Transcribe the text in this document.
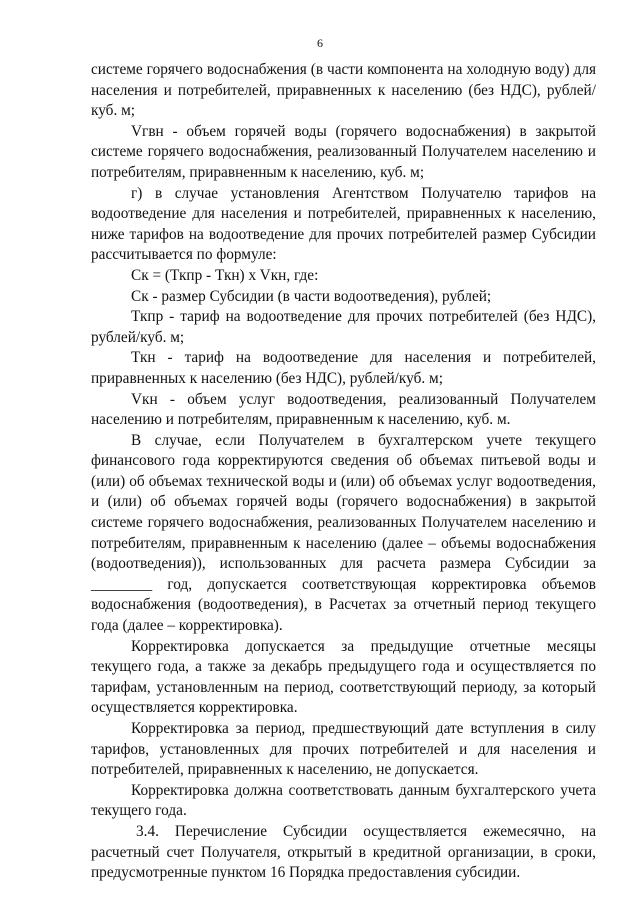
6

системе горячего водоснабжения (в части компонента на холодную воду) для населения и потребителей, приравненных к населению (без НДС), рублей/куб. м;

Vгвн - объем горячей воды (горячего водоснабжения) в закрытой системе горячего водоснабжения, реализованный Получателем населению и потребителям, приравненным к населению, куб. м;

г) в случае установления Агентством Получателю тарифов на водоотведение для населения и потребителей, приравненных к населению, ниже тарифов на водоотведение для прочих потребителей размер Субсидии рассчитывается по формуле:

Ск = (Ткпр - Ткн) x Vкн, где:

Ск - размер Субсидии (в части водоотведения), рублей;

Ткпр - тариф на водоотведение для прочих потребителей (без НДС), рублей/куб. м;

Ткн - тариф на водоотведение для населения и потребителей, приравненных к населению (без НДС), рублей/куб. м;

Vкн - объем услуг водоотведения, реализованный Получателем населению и потребителям, приравненным к населению, куб. м.

В случае, если Получателем в бухгалтерском учете текущего финансового года корректируются сведения об объемах питьевой воды и (или) об объемах технической воды и (или) об объемах услуг водоотведения, и (или) об объемах горячей воды (горячего водоснабжения) в закрытой системе горячего водоснабжения, реализованных Получателем населению и потребителям, приравненным к населению (далее – объемы водоснабжения (водоотведения)), использованных для расчета размера Субсидии за ________ год, допускается соответствующая корректировка объемов водоснабжения (водоотведения), в Расчетах за отчетный период текущего года (далее – корректировка).

Корректировка допускается за предыдущие отчетные месяцы текущего года, а также за декабрь предыдущего года и осуществляется по тарифам, установленным на период, соответствующий периоду, за который осуществляется корректировка.

Корректировка за период, предшествующий дате вступления в силу тарифов, установленных для прочих потребителей и для населения и потребителей, приравненных к населению, не допускается.

Корректировка должна соответствовать данным бухгалтерского учета текущего года.

3.4. Перечисление Субсидии осуществляется ежемесячно, на расчетный счет Получателя, открытый в кредитной организации, в сроки, предусмотренные пунктом 16 Порядка предоставления субсидии.
